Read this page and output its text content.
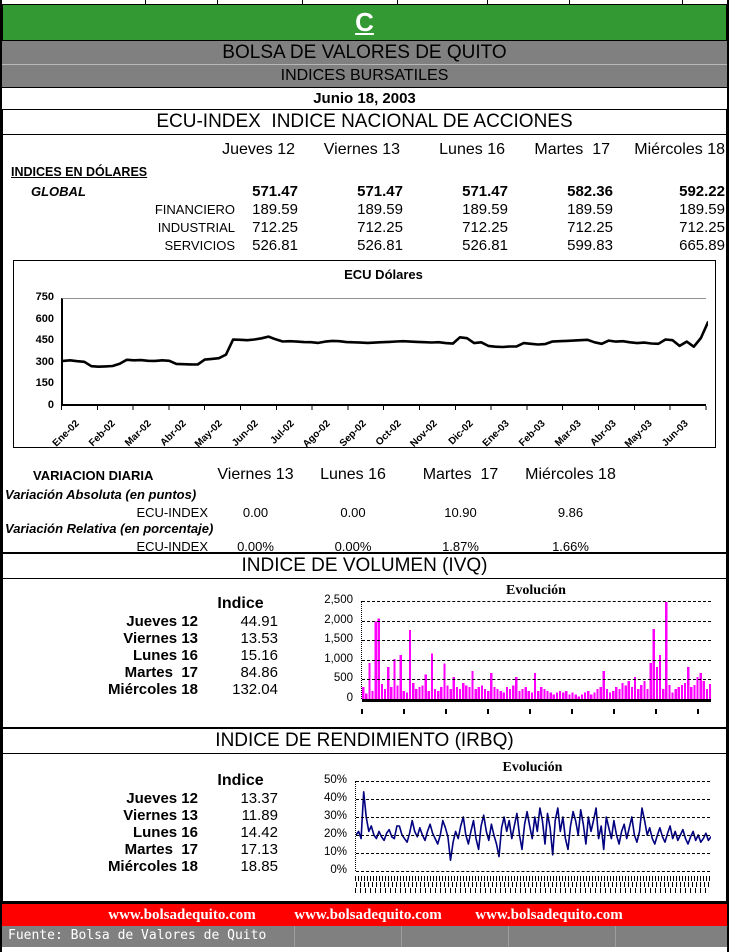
C
BOLSA DE VALORES DE QUITO
INDICES BURSATILES
Junio 18, 2003
ECU-INDEX  INDICE NACIONAL DE ACCIONES
Jueves 12	Viernes 13	Lunes 16	Martes  17	Miércoles 18
INDICES EN DÓLARES
GLOBAL	571.47	571.47	571.47	582.36	592.22
FINANCIERO	189.59	189.59	189.59	189.59	189.59
INDUSTRIAL	712.25	712.25	712.25	712.25	712.25
SERVICIOS	526.81	526.81	526.81	599.83	665.89
ECU Dólares
750
600
450
300
150
0
Ene-02 Feb-02 Mar-02 Abr-02 May-02 Jun-02 Jul-02 Ago-02 Sep-02 Oct-02 Nov-02 Dic-02 Ene-03 Feb-03 Mar-03 Abr-03 May-03 Jun-03
VARIACION DIARIA	Viernes 13	Lunes 16	Martes  17	Miércoles 18
Variación Absoluta (en puntos)
ECU-INDEX	0.00	0.00	10.90	9.86
Variación Relativa (en porcentaje)
ECU-INDEX	0.00%	0.00%	1.87%	1.66%
INDICE DE VOLUMEN (IVQ)
Indice
Jueves 12	44.91
Viernes 13	13.53
Lunes 16	15.16
Martes  17	84.86
Miércoles 18	132.04
Evolución
2,500
2,000
1,500
1,000
500
0
INDICE DE RENDIMIENTO (IRBQ)
Indice
Jueves 12	13.37
Viernes 13	11.89
Lunes 16	14.42
Martes  17	17.13
Miércoles 18	18.85
Evolución
50%
40%
30%
20%
10%
0%
www.bolsadequito.com	www.bolsadequito.com	www.bolsadequito.com
Fuente: Bolsa de Valores de Quito
